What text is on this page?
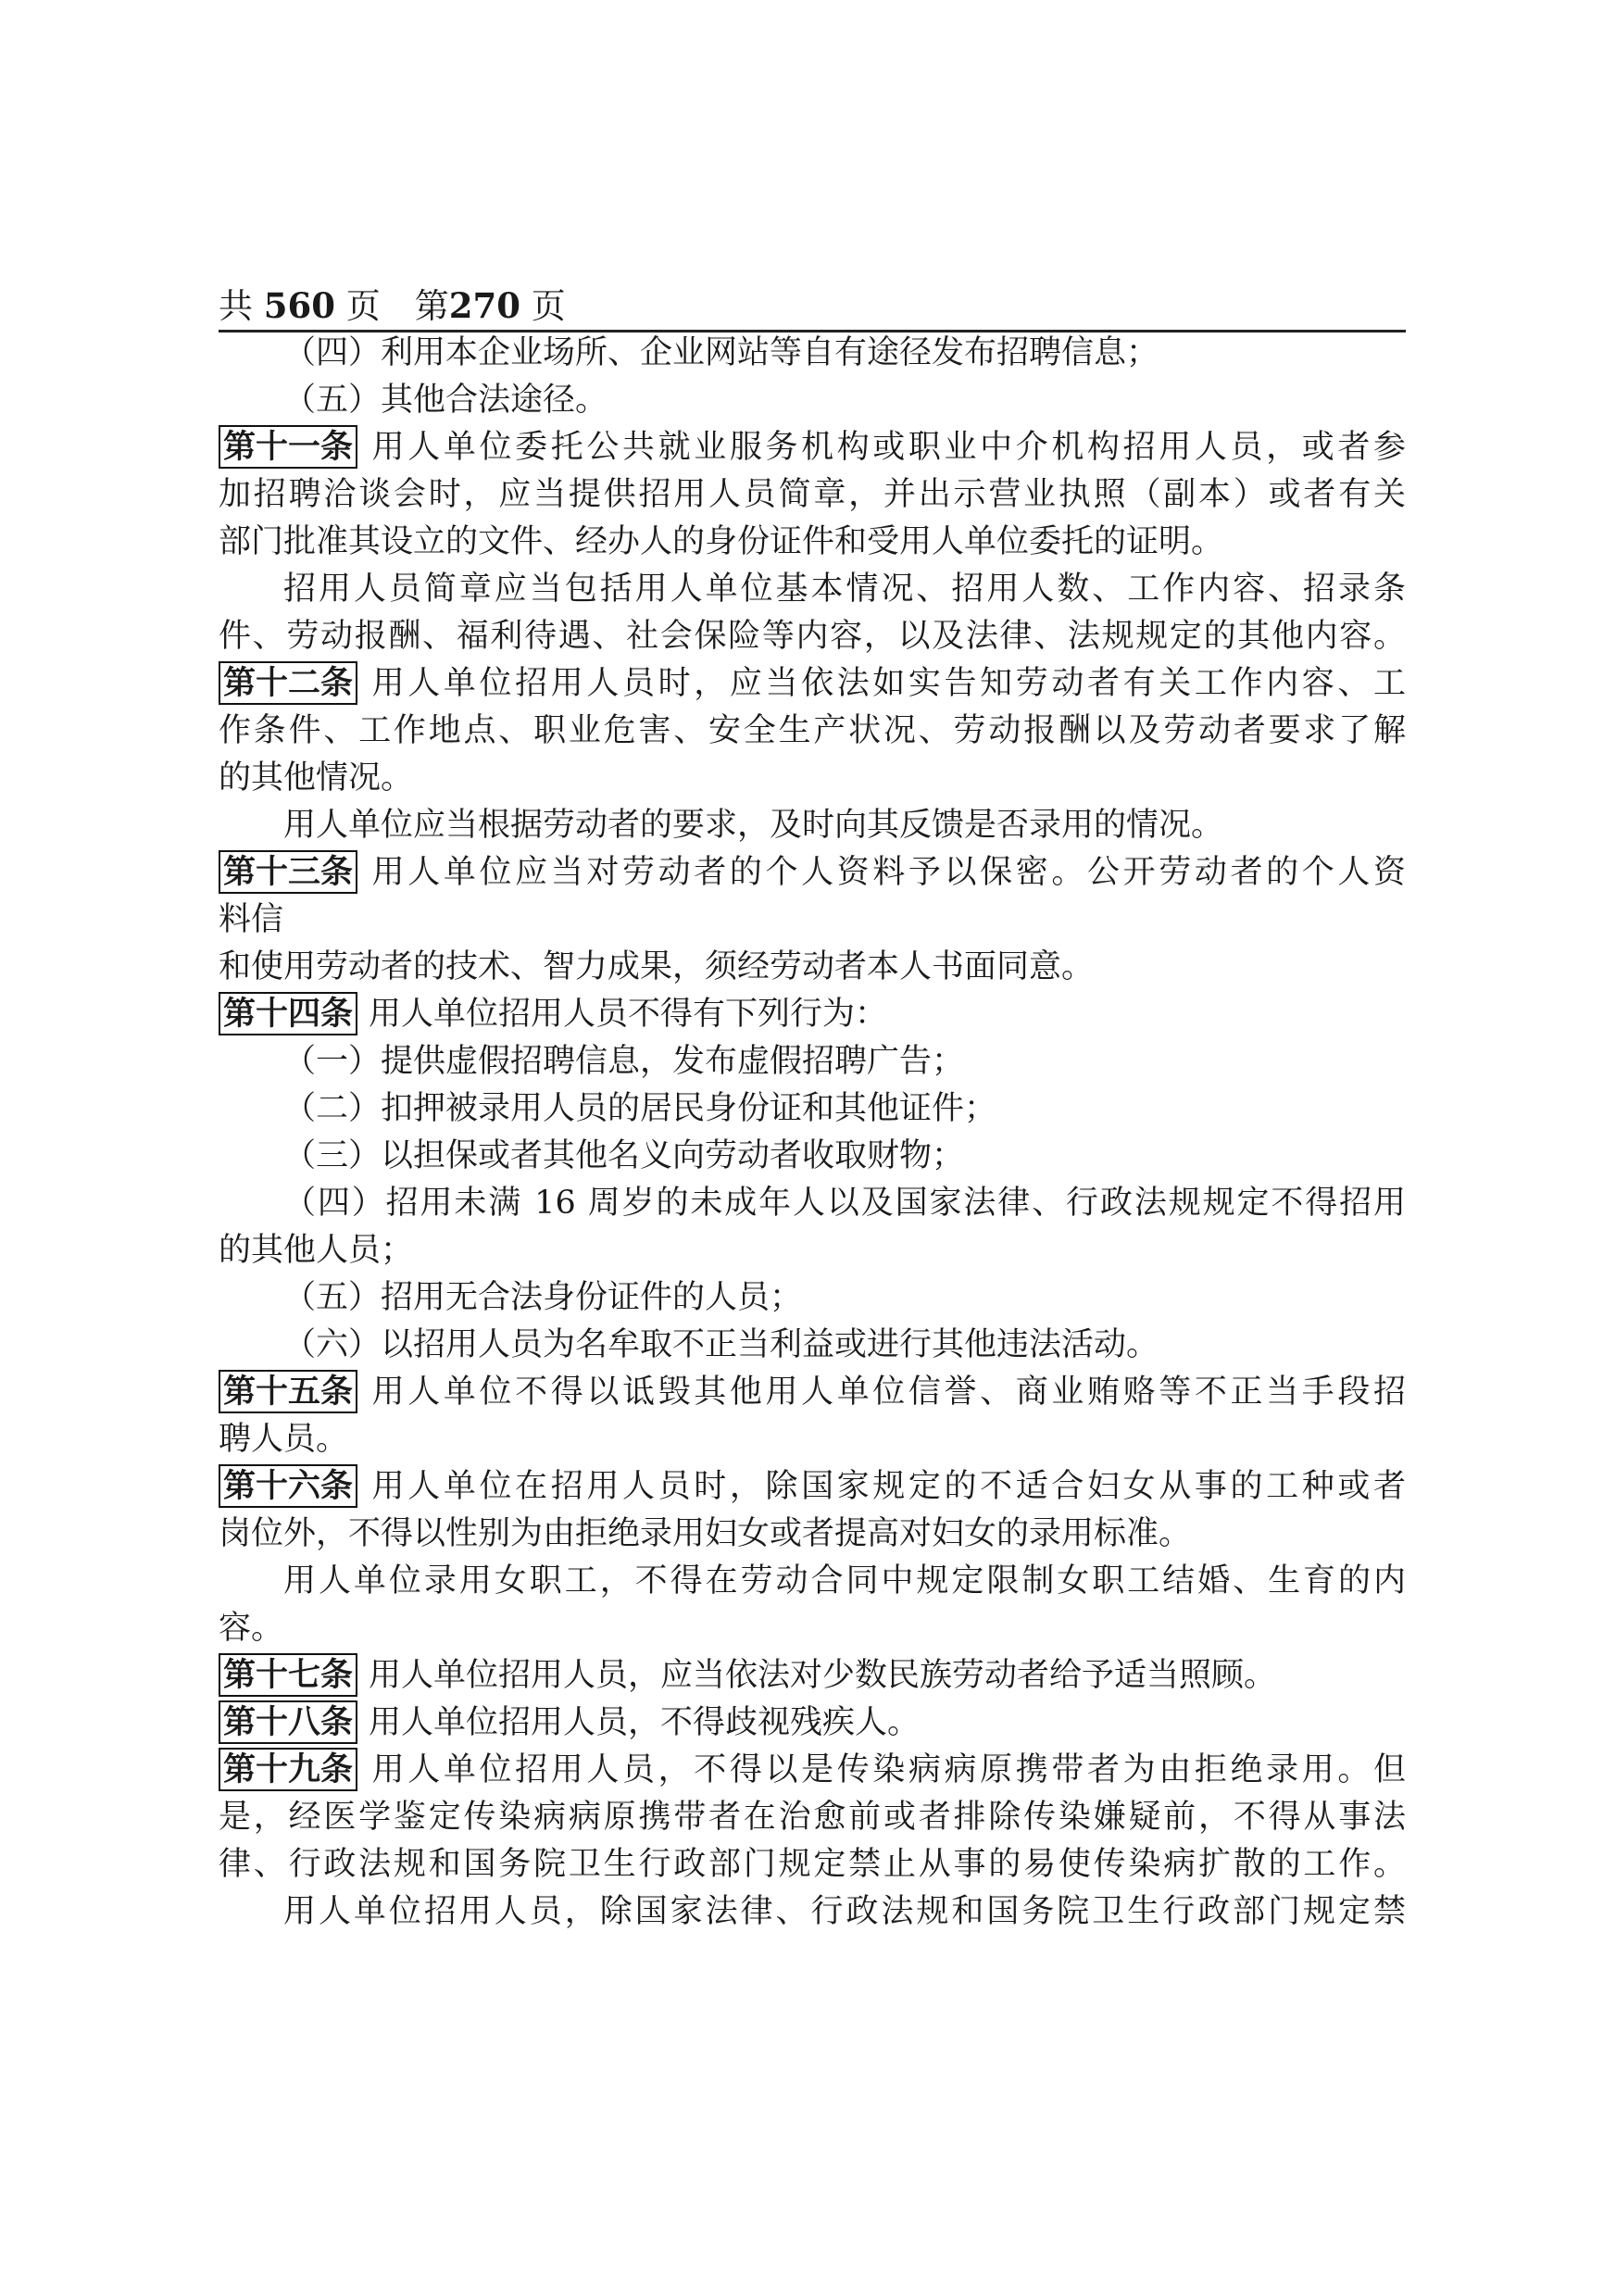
共 560 页　第270 页
（四）利用本企业场所、企业网站等自有途径发布招聘信息；
（五）其他合法途径。
第十一条 用人单位委托公共就业服务机构或职业中介机构招用人员，或者参
加招聘洽谈会时，应当提供招用人员简章，并出示营业执照（副本）或者有关
部门批准其设立的文件、经办人的身份证件和受用人单位委托的证明。
招用人员简章应当包括用人单位基本情况、招用人数、工作内容、招录条
件、劳动报酬、福利待遇、社会保险等内容，以及法律、法规规定的其他内容。
第十二条 用人单位招用人员时，应当依法如实告知劳动者有关工作内容、工
作条件、工作地点、职业危害、安全生产状况、劳动报酬以及劳动者要求了解
的其他情况。
用人单位应当根据劳动者的要求，及时向其反馈是否录用的情况。
第十三条 用人单位应当对劳动者的个人资料予以保密。公开劳动者的个人资
料信
和使用劳动者的技术、智力成果，须经劳动者本人书面同意。
第十四条 用人单位招用人员不得有下列行为：
（一）提供虚假招聘信息，发布虚假招聘广告；
（二）扣押被录用人员的居民身份证和其他证件；
（三）以担保或者其他名义向劳动者收取财物；
（四）招用未满 16 周岁的未成年人以及国家法律、行政法规规定不得招用
的其他人员；
（五）招用无合法身份证件的人员；
（六）以招用人员为名牟取不正当利益或进行其他违法活动。
第十五条 用人单位不得以诋毁其他用人单位信誉、商业贿赂等不正当手段招
聘人员。
第十六条 用人单位在招用人员时，除国家规定的不适合妇女从事的工种或者
岗位外，不得以性别为由拒绝录用妇女或者提高对妇女的录用标准。
用人单位录用女职工，不得在劳动合同中规定限制女职工结婚、生育的内
容。
第十七条 用人单位招用人员，应当依法对少数民族劳动者给予适当照顾。
第十八条 用人单位招用人员，不得歧视残疾人。
第十九条 用人单位招用人员，不得以是传染病病原携带者为由拒绝录用。但
是，经医学鉴定传染病病原携带者在治愈前或者排除传染嫌疑前，不得从事法
律、行政法规和国务院卫生行政部门规定禁止从事的易使传染病扩散的工作。
用人单位招用人员，除国家法律、行政法规和国务院卫生行政部门规定禁
